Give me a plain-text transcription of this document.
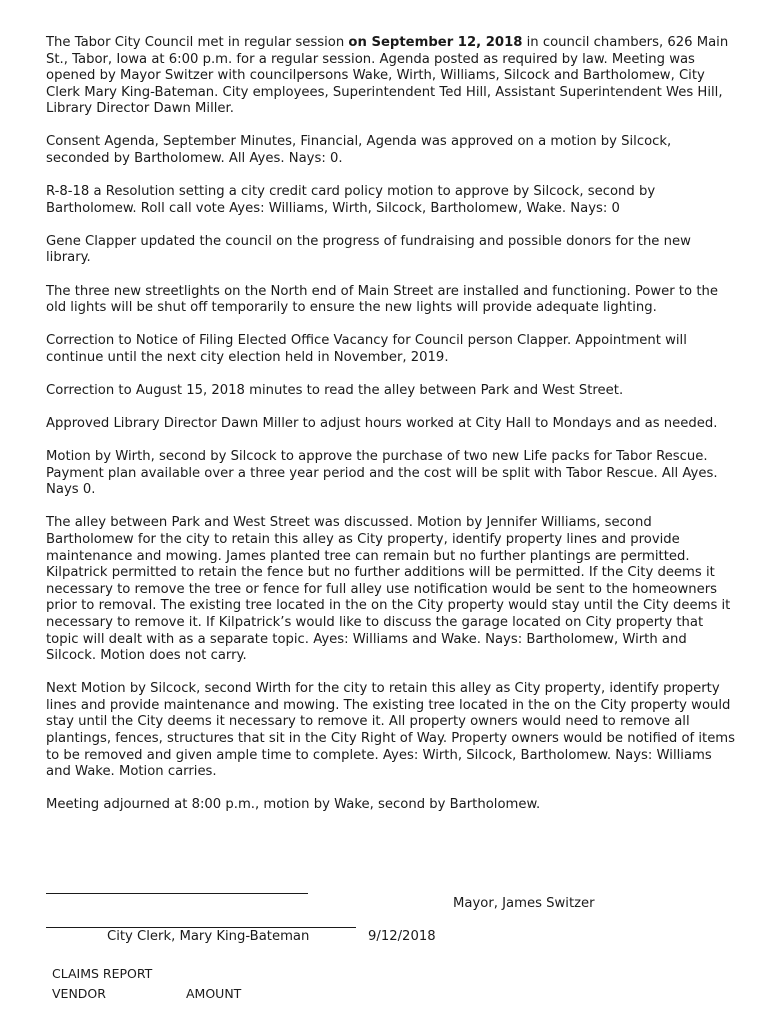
The Tabor City Council met in regular session on September 12, 2018 in council chambers, 626 Main St., Tabor, Iowa at 6:00 p.m. for a regular session. Agenda posted as required by law. Meeting was opened by Mayor Switzer with councilpersons Wake, Wirth, Williams, Silcock and Bartholomew, City Clerk Mary King-Bateman. City employees, Superintendent Ted Hill, Assistant Superintendent Wes Hill, Library Director Dawn Miller.

Consent Agenda, September Minutes, Financial, Agenda was approved on a motion by Silcock, seconded by Bartholomew. All Ayes. Nays: 0.

R-8-18 a Resolution setting a city credit card policy motion to approve by Silcock, second by Bartholomew. Roll call vote Ayes: Williams, Wirth, Silcock, Bartholomew, Wake. Nays: 0

Gene Clapper updated the council on the progress of fundraising and possible donors for the new library.

The three new streetlights on the North end of Main Street are installed and functioning. Power to the old lights will be shut off temporarily to ensure the new lights will provide adequate lighting.

Correction to Notice of Filing Elected Office Vacancy for Council person Clapper. Appointment will continue until the next city election held in November, 2019.

Correction to August 15, 2018 minutes to read the alley between Park and West Street.

Approved Library Director Dawn Miller to adjust hours worked at City Hall to Mondays and as needed.

Motion by Wirth, second by Silcock to approve the purchase of two new Life packs for Tabor Rescue. Payment plan available over a three year period and the cost will be split with Tabor Rescue. All Ayes. Nays 0.

The alley between Park and West Street was discussed. Motion by Jennifer Williams, second Bartholomew for the city to retain this alley as City property, identify property lines and provide maintenance and mowing. James planted tree can remain but no further plantings are permitted. Kilpatrick permitted to retain the fence but no further additions will be permitted. If the City deems it necessary to remove the tree or fence for full alley use notification would be sent to the homeowners prior to removal. The existing tree located in the on the City property would stay until the City deems it necessary to remove it. If Kilpatrick’s would like to discuss the garage located on City property that topic will dealt with as a separate topic. Ayes: Williams and Wake. Nays: Bartholomew, Wirth and Silcock. Motion does not carry.

Next Motion by Silcock, second Wirth for the city to retain this alley as City property, identify property lines and provide maintenance and mowing. The existing tree located in the on the City property would stay until the City deems it necessary to remove it. All property owners would need to remove all plantings, fences, structures that sit in the City Right of Way. Property owners would be notified of items to be removed and given ample time to complete. Ayes: Wirth, Silcock, Bartholomew. Nays: Williams and Wake. Motion carries.

Meeting adjourned at 8:00 p.m., motion by Wake, second by Bartholomew.

Mayor, James Switzer
City Clerk, Mary King-Bateman	9/12/2018
CLAIMS REPORT
VENDOR	AMOUNT
